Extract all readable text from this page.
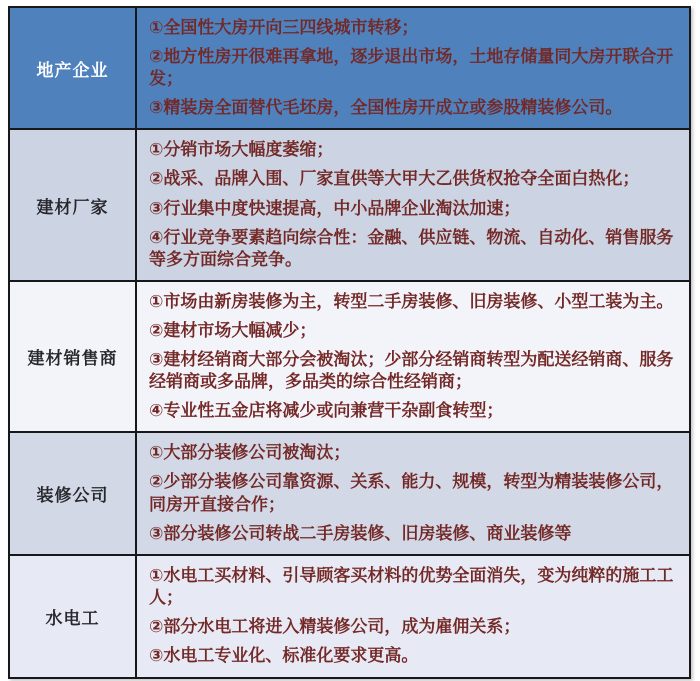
地产企业

①全国性大房开向三四线城市转移；

②地方性房开很难再拿地，逐步退出市场，土地存储量同大房开联合开发；

③精装房全面替代毛坯房，全国性房开成立或参股精装修公司。

建材厂家

①分销市场大幅度萎缩；

②战采、品牌入围、厂家直供等大甲大乙供货权抢夺全面白热化；

③行业集中度快速提高，中小品牌企业淘汰加速；

④行业竞争要素趋向综合性：金融、供应链、物流、自动化、销售服务等多方面综合竞争。

建材销售商

①市场由新房装修为主，转型二手房装修、旧房装修、小型工装为主。

②建材市场大幅减少；

③建材经销商大部分会被淘汰；少部分经销商转型为配送经销商、服务经销商或多品牌，多品类的综合性经销商；

④专业性五金店将减少或向兼营干杂副食转型；

装修公司

①大部分装修公司被淘汰；

②少部分装修公司靠资源、关系、能力、规模，转型为精装装修公司，同房开直接合作；

③部分装修公司转战二手房装修、旧房装修、商业装修等

水电工

①水电工买材料、引导顾客买材料的优势全面消失，变为纯粹的施工工人；

②部分水电工将进入精装修公司，成为雇佣关系；

③水电工专业化、标准化要求更高。
